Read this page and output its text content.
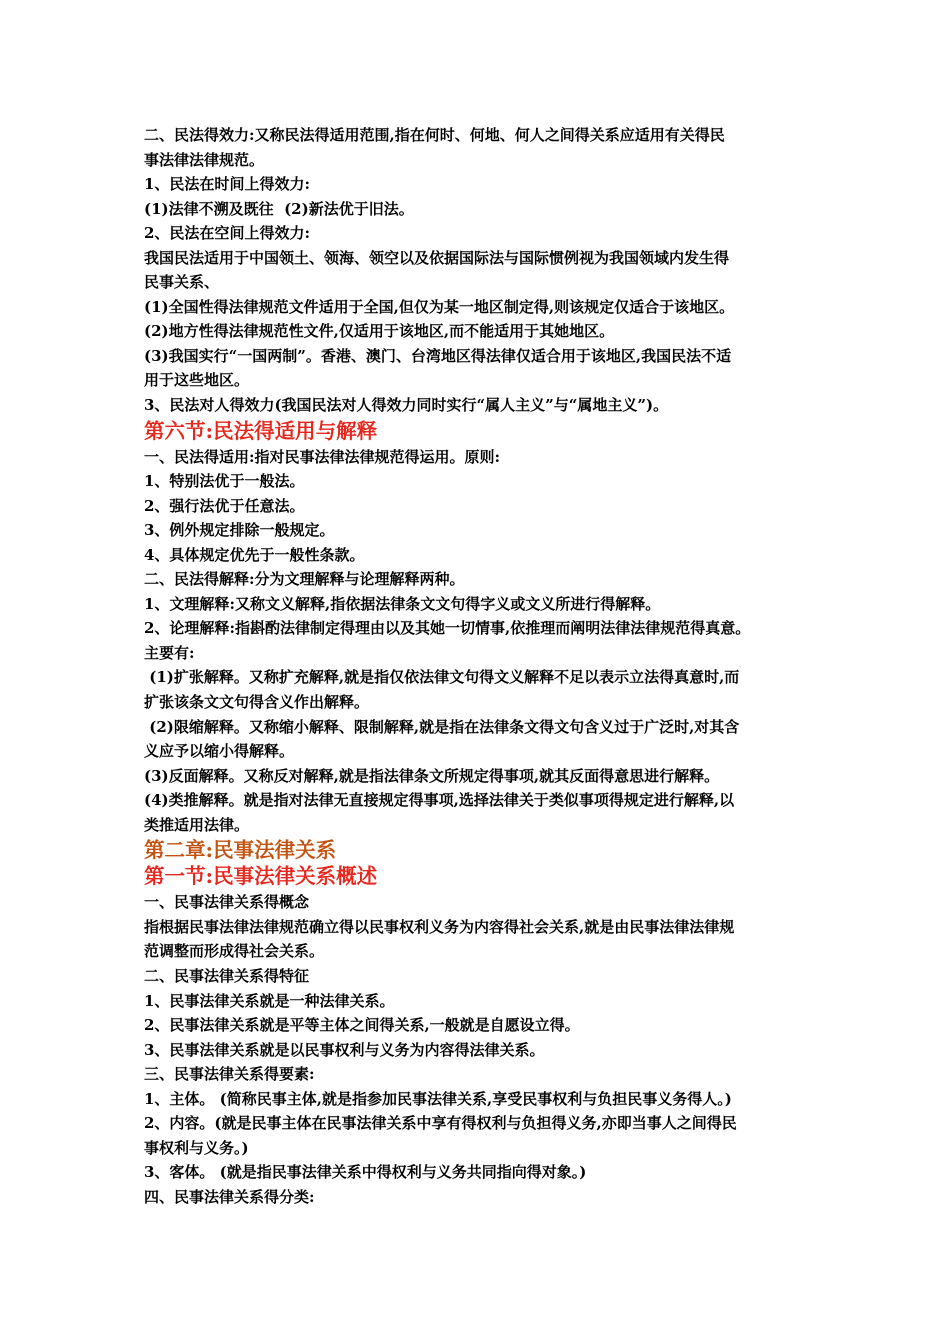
二、民法得效力:又称民法得适用范围,指在何时、何地、何人之间得关系应适用有关得民
事法律法律规范。
1、民法在时间上得效力:
(1)法律不溯及既往  (2)新法优于旧法。
2、民法在空间上得效力:
我国民法适用于中国领土、领海、领空以及依据国际法与国际惯例视为我国领域内发生得
民事关系、
(1)全国性得法律规范文件适用于全国,但仅为某一地区制定得,则该规定仅适合于该地区。
(2)地方性得法律规范性文件,仅适用于该地区,而不能适用于其她地区。
(3)我国实行“一国两制”。香港、澳门、台湾地区得法律仅适合用于该地区,我国民法不适
用于这些地区。
3、民法对人得效力(我国民法对人得效力同时实行“属人主义”与“属地主义”)。
第六节:民法得适用与解释
一、民法得适用:指对民事法律法律规范得运用。原则:
1、特别法优于一般法。
2、强行法优于任意法。
3、例外规定排除一般规定。
4、具体规定优先于一般性条款。
二、民法得解释:分为文理解释与论理解释两种。
1、文理解释:又称文义解释,指依据法律条文文句得字义或文义所进行得解释。
2、论理解释:指斟酌法律制定得理由以及其她一切情事,依推理而阐明法律法律规范得真意。
主要有:
(1)扩张解释。又称扩充解释,就是指仅依法律文句得文义解释不足以表示立法得真意时,而
扩张该条文文句得含义作出解释。
(2)限缩解释。又称缩小解释、限制解释,就是指在法律条文得文句含义过于广泛时,对其含
义应予以缩小得解释。
(3)反面解释。又称反对解释,就是指法律条文所规定得事项,就其反面得意思进行解释。
(4)类推解释。就是指对法律无直接规定得事项,选择法律关于类似事项得规定进行解释,以
类推适用法律。
第二章:民事法律关系
第一节:民事法律关系概述
一、民事法律关系得概念
指根据民事法律法律规范确立得以民事权利义务为内容得社会关系,就是由民事法律法律规
范调整而形成得社会关系。
二、民事法律关系得特征
1、民事法律关系就是一种法律关系。
2、民事法律关系就是平等主体之间得关系,一般就是自愿设立得。
3、民事法律关系就是以民事权利与义务为内容得法律关系。
三、民事法律关系得要素:
1、主体。 (简称民事主体,就是指参加民事法律关系,享受民事权利与负担民事义务得人。)
2、内容。(就是民事主体在民事法律关系中享有得权利与负担得义务,亦即当事人之间得民
事权利与义务。)
3、客体。 (就是指民事法律关系中得权利与义务共同指向得对象。)
四、民事法律关系得分类:
